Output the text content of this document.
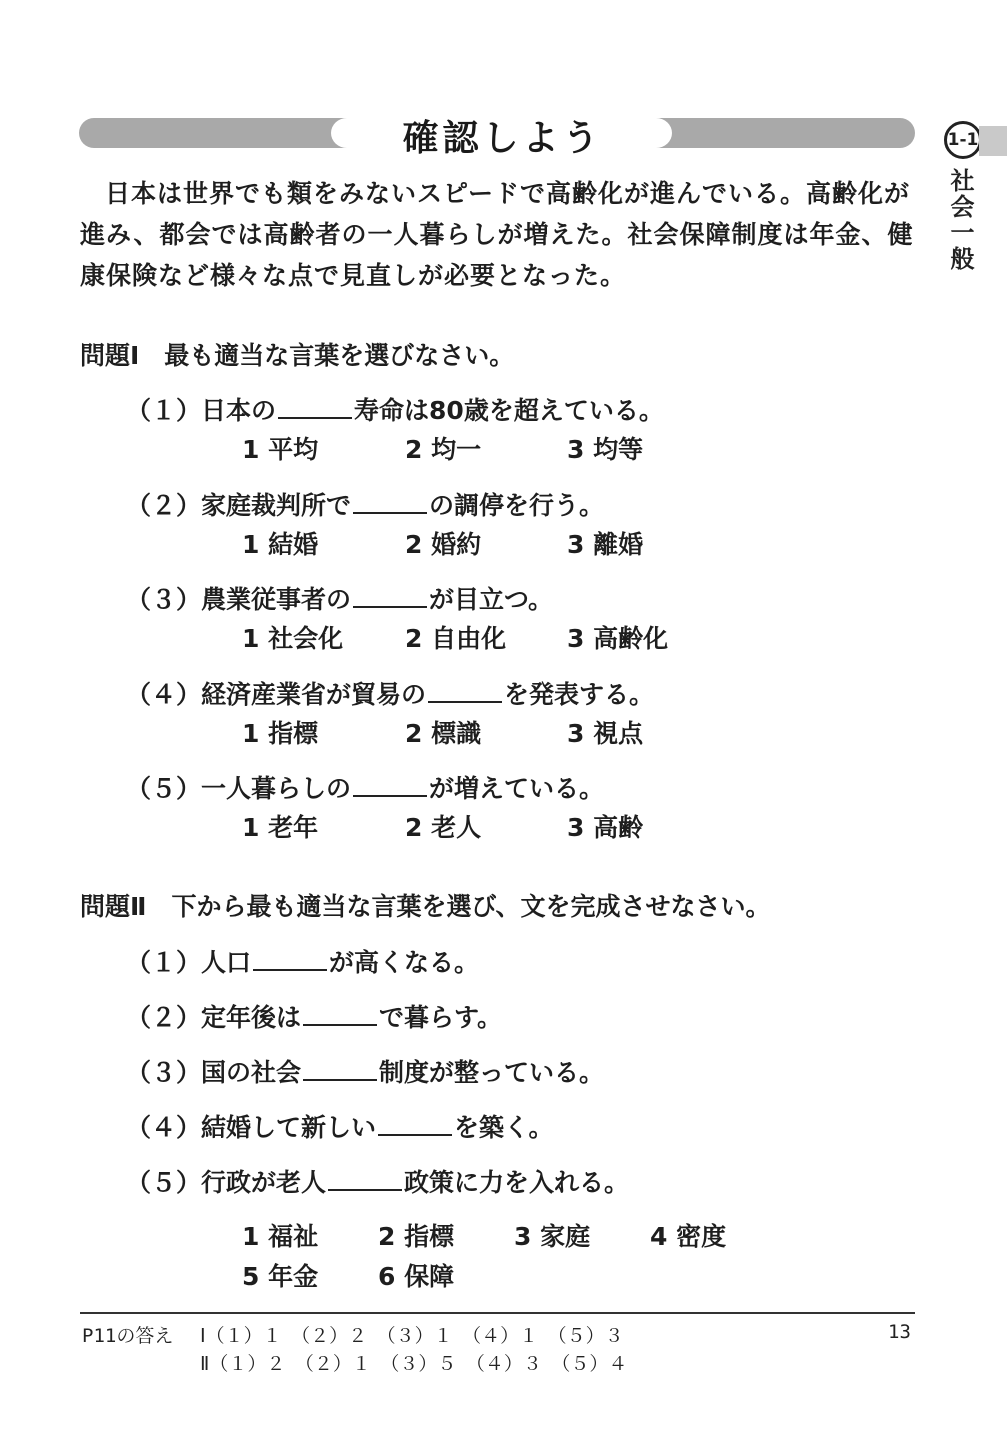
確認しよう	1-1
社会一般
日本は世界でも類をみないスピードで高齢化が進んでいる。高齢化が進み、都会では高齢者の一人暮らしが増えた。社会保障制度は年金、健康保険など様々な点で見直しが必要となった。
問題Ⅰ　最も適当な言葉を選びなさい。
（１）日本の	寿命は80歳を超えている。
1 平均	2 均一	3 均等
（２）家庭裁判所で	の調停を行う。
1 結婚	2 婚約	3 離婚
（３）農業従事者の	が目立つ。
1 社会化 2 自由化 3 高齢化
（４）経済産業省が貿易の	を発表する。
1 指標	2 標識	3 視点
（５）一人暮らしの	が増えている。
1 老年	2 老人	3 高齢
問題Ⅱ　下から最も適当な言葉を選び、文を完成させなさい。
（１）人口	が高くなる。
（２）定年後は	で暮らす。
（３）国の社会	制度が整っている。
（４）結婚して新しい	を築く。
（５）行政が老人	政策に力を入れる。
1 福祉 2 指標 3 家庭 4 密度
5 年金 6 保障
P11の答え Ⅰ（１）１　（２）２　（３）１　（４）１　（５）３
Ⅱ（１）２　（２）１　（３）５　（４）３　（５）４
13
